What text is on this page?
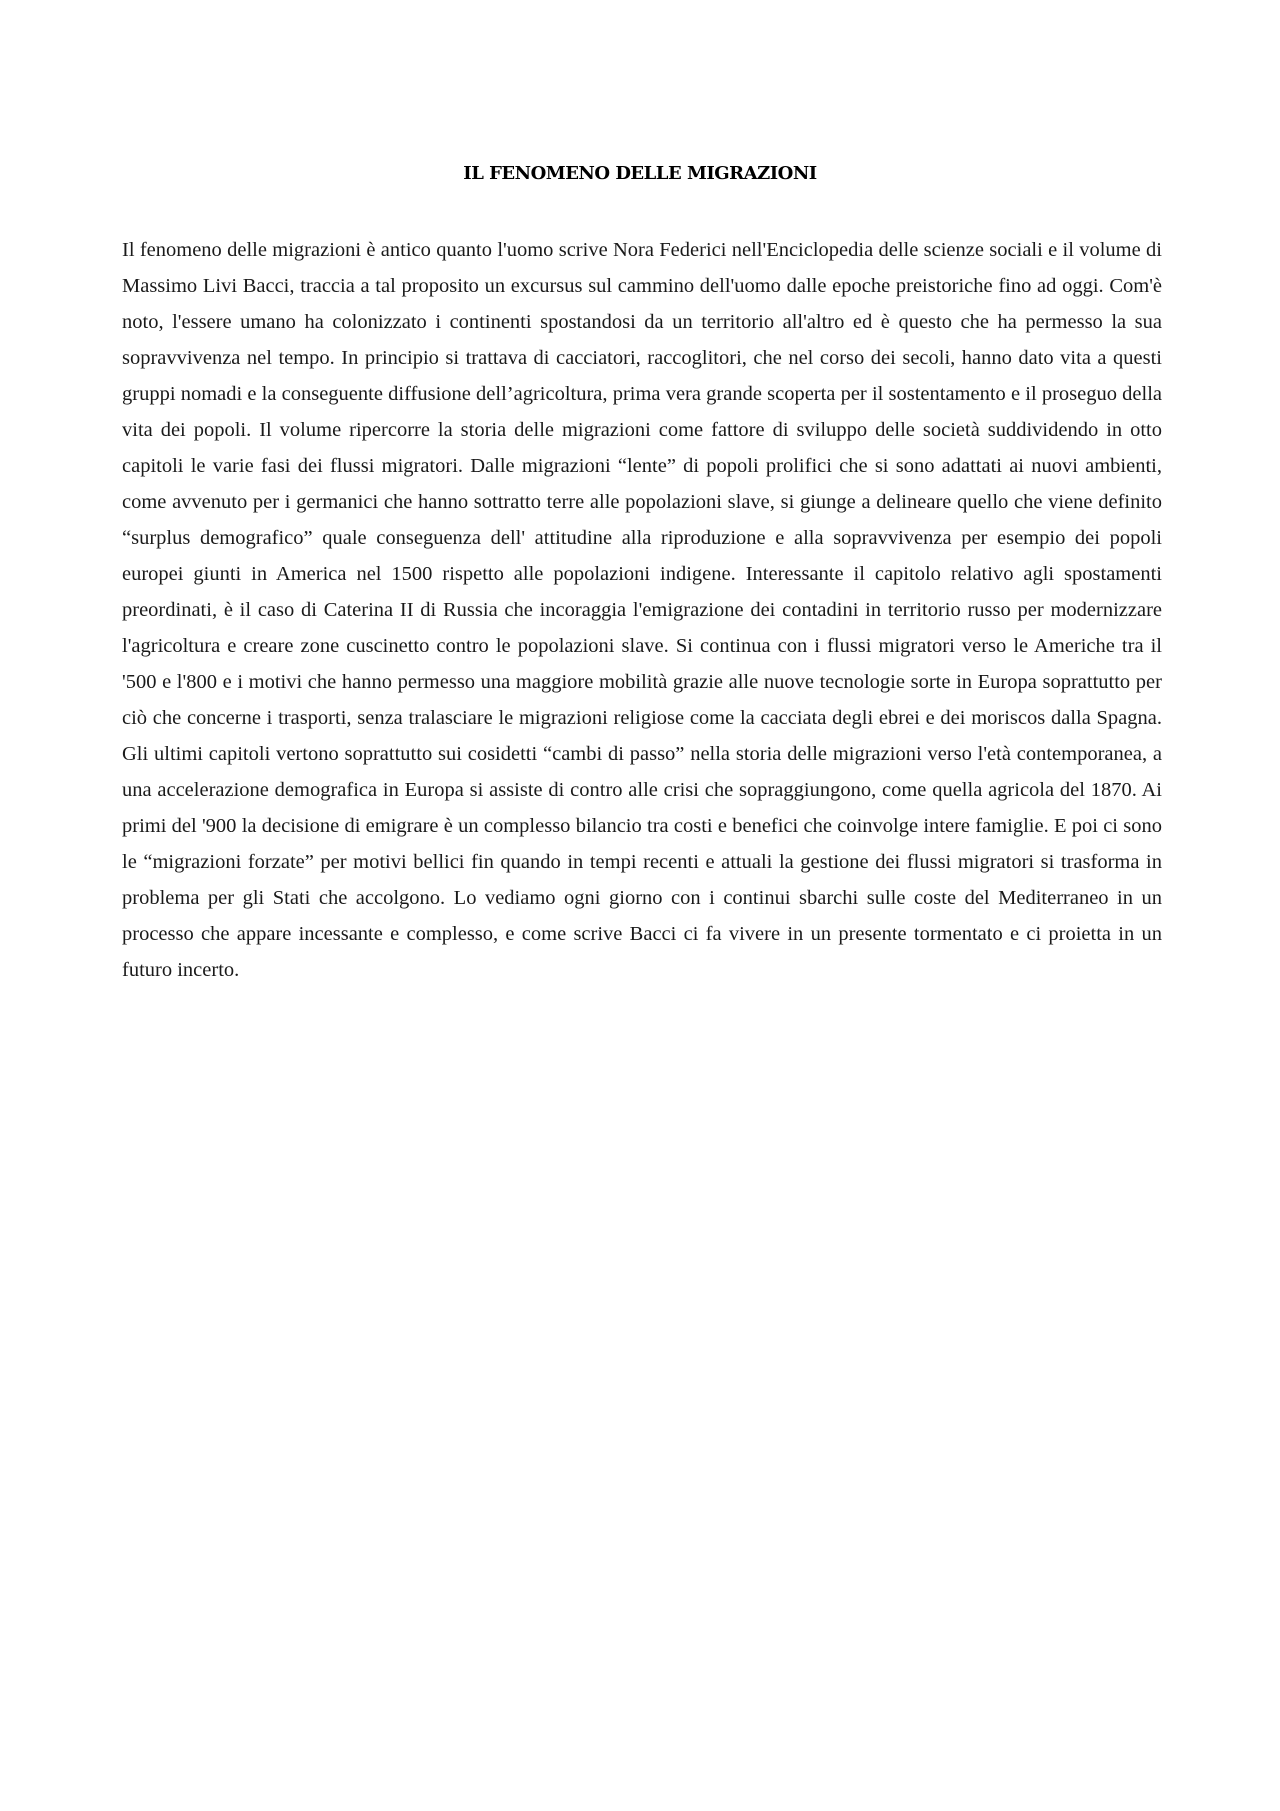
IL FENOMENO DELLE MIGRAZIONI

Il fenomeno delle migrazioni è antico quanto l'uomo scrive Nora Federici nell'Enciclopedia delle scienze sociali e il volume di Massimo Livi Bacci, traccia a tal proposito un excursus sul cammino dell'uomo dalle epoche preistoriche fino ad oggi. Com'è noto, l'essere umano ha colonizzato i continenti spostandosi da un territorio all'altro ed è questo che ha permesso la sua sopravvivenza nel tempo. In principio si trattava di cacciatori, raccoglitori, che nel corso dei secoli, hanno dato vita a questi gruppi nomadi e la conseguente diffusione dell’agricoltura, prima vera grande scoperta per il sostentamento e il proseguo della vita dei popoli. Il volume ripercorre la storia delle migrazioni come fattore di sviluppo delle società suddividendo in otto capitoli le varie fasi dei flussi migratori. Dalle migrazioni “lente” di popoli prolifici che si sono adattati ai nuovi ambienti, come avvenuto per i germanici che hanno sottratto terre alle popolazioni slave, si giunge a delineare quello che viene definito “surplus demografico” quale conseguenza dell' attitudine alla riproduzione e alla sopravvivenza per esempio dei popoli europei giunti in America nel 1500 rispetto alle popolazioni indigene. Interessante il capitolo relativo agli spostamenti preordinati, è il caso di Caterina II di Russia che incoraggia l'emigrazione dei contadini in territorio russo per modernizzare l'agricoltura e creare zone cuscinetto contro le popolazioni slave. Si continua con i flussi migratori verso le Americhe tra il '500 e l'800 e i motivi che hanno permesso una maggiore mobilità grazie alle nuove tecnologie sorte in Europa soprattutto per ciò che concerne i trasporti, senza tralasciare le migrazioni religiose come la cacciata degli ebrei e dei moriscos dalla Spagna. Gli ultimi capitoli vertono soprattutto sui cosidetti “cambi di passo” nella storia delle migrazioni verso l'età contemporanea, a una accelerazione demografica in Europa si assiste di contro alle crisi che sopraggiungono, come quella agricola del 1870. Ai primi del '900 la decisione di emigrare è un complesso bilancio tra costi e benefici che coinvolge intere famiglie. E poi ci sono le “migrazioni forzate” per motivi bellici fin quando in tempi recenti e attuali la gestione dei flussi migratori si trasforma in problema per gli Stati che accolgono. Lo vediamo ogni giorno con i continui sbarchi sulle coste del Mediterraneo in un processo che appare incessante e complesso, e come scrive Bacci ci fa vivere in un presente tormentato e ci proietta in un futuro incerto.
